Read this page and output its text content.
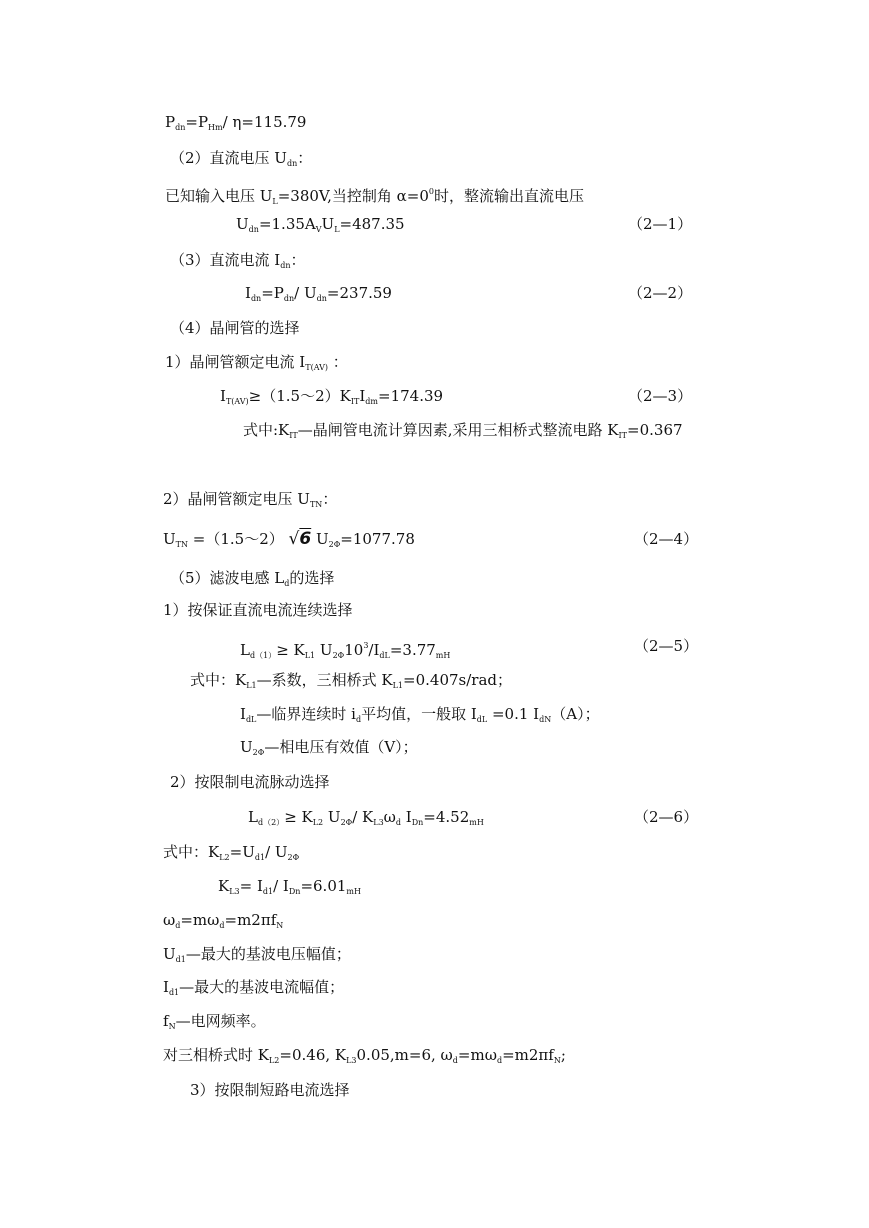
$P_{dn}=P_{Hm}/$ η=115.79
（2）直流电压 $U_{dn}$：
已知输入电压 $U_L=380V$,当控制角 $\alpha=0^0$时，整流输出直流电压
$U_{dn}=1.35A_VU_L=487.35$	（2—1）
（3）直流电流 $I_{dn}$：
$I_{dn}=P_{dn}/$ $U_{dn}=237.59$	（2—2）
（4）晶闸管的选择
1）晶闸管额定电流 $I_{T(AV)}$ ：
$I_{T(AV)}\ge(1.5\sim 2)K_{IT}I_{dm}=174.39$	（2—3）
式中$:K_{IT}—$晶闸管电流计算因素,采用三相桥式整流电路 $K_{IT}=0.367$
2）晶闸管额定电压 $U_{TN}$：
$U_{TN}$ =（1.5～2） √6 $U_{2\Phi}=1077.78$	（2—4）
（5）滤波电感 $L_d$的选择
1）按保证直流电流连续选择
$L_{d(1)}\ge K_{L1}$ $U_{2\Phi}10^3/I_{dL}=3.77_{mH}$
（2—5）
式中：$K_{L1}—$系数，三相桥式 $K_{L1}=0.407s$/rad；
$I_{dL}—$临界连续时 $i_d$平均值，一般取 $I_{dL} =0.1$ $I_{dN}(A)$；
$U_{2\Phi}—$相电压有效值（V）；
2）按限制电流脉动选择
$L_{d(2)}\ge K_{L2}$ $U_{2\Phi}/$ $K_{L3}\omega_d$ $I_{Dn}=4.52_{mH}$	（2—6）
式中：$K_{L2}=U_{d1}/$ $U_{2\Phi}$
$K_{L3}= I_{d1}/$ $I_{Dn}=6.01_{mH}$
$\omega_d=m\omega_d=m2\pi f_N$
$U_{d1}—$最大的基波电压幅值；
$I_{d1}—$最大的基波电流幅值；
$f_N—$电网频率。
对三相桥式时 $K_{L2}=0.46$, $K_{L3}0.05,m=6$, $\omega_d=m\omega_d=m2\pi f_N$;
3）按限制短路电流选择
